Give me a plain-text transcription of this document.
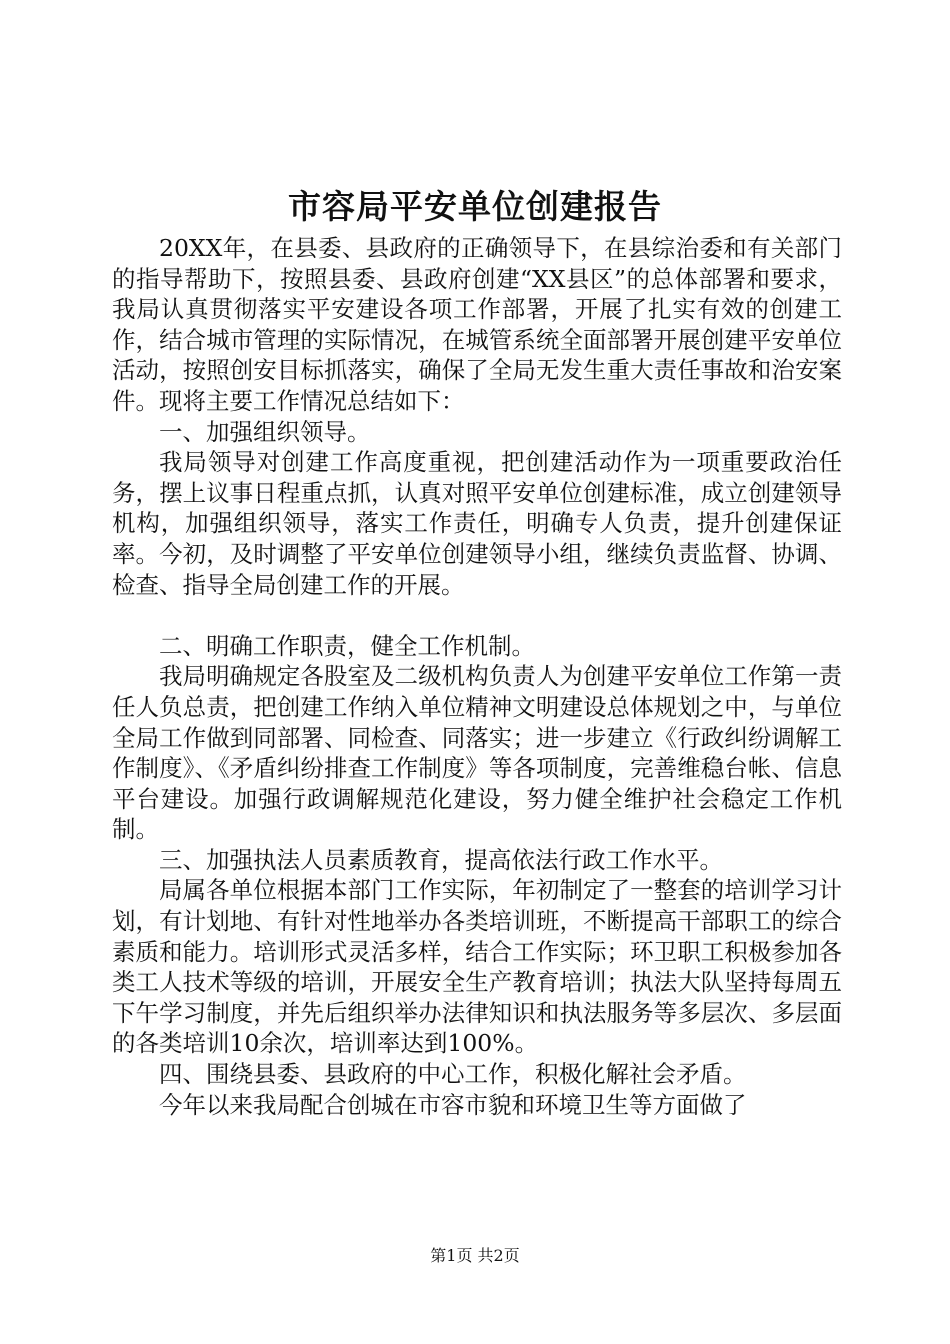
市容局平安单位创建报告

20XX年，在县委、县政府的正确领导下，在县综治委和有关部门的指导帮助下，按照县委、县政府创建“XX县区”的总体部署和要求，我局认真贯彻落实平安建设各项工作部署，开展了扎实有效的创建工作，结合城市管理的实际情况，在城管系统全面部署开展创建平安单位活动，按照创安目标抓落实，确保了全局无发生重大责任事故和治安案件。现将主要工作情况总结如下：

一、加强组织领导。

我局领导对创建工作高度重视，把创建活动作为一项重要政治任务，摆上议事日程重点抓，认真对照平安单位创建标准，成立创建领导机构，加强组织领导，落实工作责任，明确专人负责，提升创建保证率。今初，及时调整了平安单位创建领导小组，继续负责监督、协调、检查、指导全局创建工作的开展。

二、明确工作职责，健全工作机制。

我局明确规定各股室及二级机构负责人为创建平安单位工作第一责任人负总责，把创建工作纳入单位精神文明建设总体规划之中，与单位全局工作做到同部署、同检查、同落实；进一步建立《行政纠纷调解工作制度》、《矛盾纠纷排查工作制度》等各项制度，完善维稳台帐、信息平台建设。加强行政调解规范化建设，努力健全维护社会稳定工作机制。

三、加强执法人员素质教育，提高依法行政工作水平。

局属各单位根据本部门工作实际，年初制定了一整套的培训学习计划，有计划地、有针对性地举办各类培训班，不断提高干部职工的综合素质和能力。培训形式灵活多样，结合工作实际；环卫职工积极参加各类工人技术等级的培训，开展安全生产教育培训；执法大队坚持每周五下午学习制度，并先后组织举办法律知识和执法服务等多层次、多层面的各类培训10余次，培训率达到100%。

四、围绕县委、县政府的中心工作，积极化解社会矛盾。

今年以来我局配合创城在市容市貌和环境卫生等方面做了

第1页 共2页
